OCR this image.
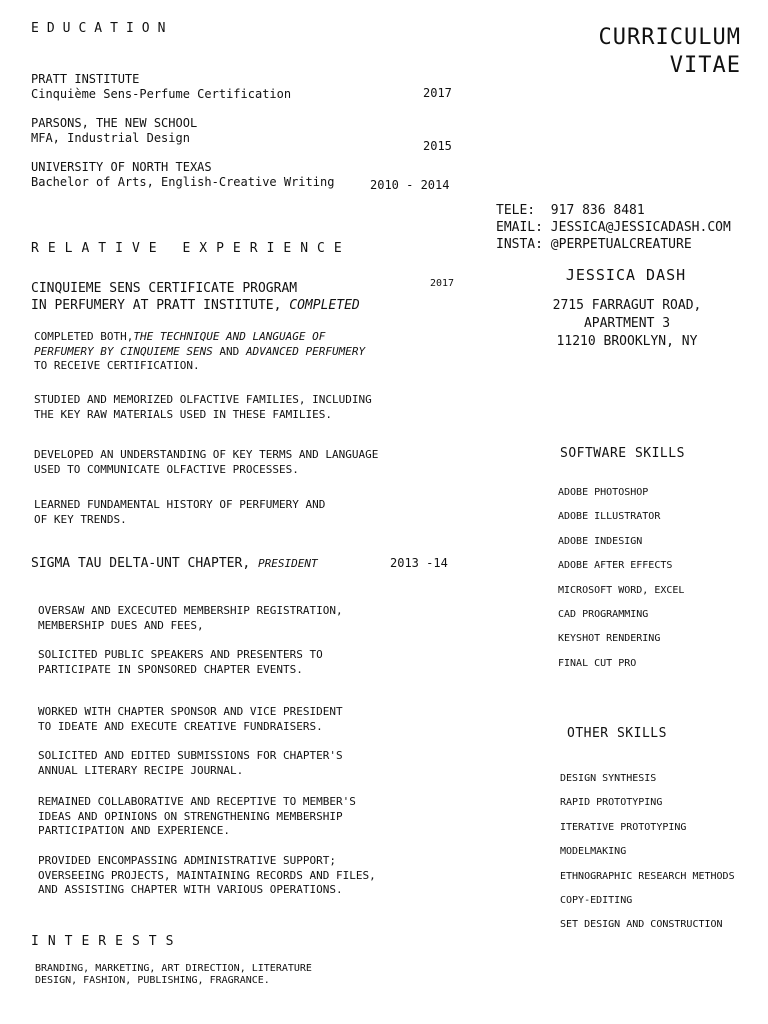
CURRICULUM
VITAE
EDUCATION
PRATT INSTITUTE
Cinquième Sens-Perfume Certification	2017
PARSONS, THE NEW SCHOOL
MFA, Industrial Design
2015
UNIVERSITY OF NORTH TEXAS
Bachelor of Arts, English-Creative Writing	2010 - 2014
TELE:  917 836 8481
EMAIL: JESSICA@JESSICADASH.COM
INSTA: @PERPETUALCREATURE
JESSICA DASH
2715 FARRAGUT ROAD,
APARTMENT 3
11210 BROOKLYN, NY
RELATIVE EXPERIENCE
CINQUIEME SENS CERTIFICATE PROGRAM
IN PERFUMERY AT PRATT INSTITUTE, COMPLETED
2017
COMPLETED BOTH,THE TECHNIQUE AND LANGUAGE OF
PERFUMERY BY CINQUIEME SENS AND ADVANCED PERFUMERY
TO RECEIVE CERTIFICATION.
STUDIED AND MEMORIZED OLFACTIVE FAMILIES, INCLUDING
THE KEY RAW MATERIALS USED IN THESE FAMILIES.
DEVELOPED AN UNDERSTANDING OF KEY TERMS AND LANGUAGE
USED TO COMMUNICATE OLFACTIVE PROCESSES.
LEARNED FUNDAMENTAL HISTORY OF PERFUMERY AND
OF KEY TRENDS.
SIGMA TAU DELTA-UNT CHAPTER, PRESIDENT	2013 -14
OVERSAW AND EXCECUTED MEMBERSHIP REGISTRATION,
MEMBERSHIP DUES AND FEES,
SOLICITED PUBLIC SPEAKERS AND PRESENTERS TO
PARTICIPATE IN SPONSORED CHAPTER EVENTS.
WORKED WITH CHAPTER SPONSOR AND VICE PRESIDENT
TO IDEATE AND EXECUTE CREATIVE FUNDRAISERS.
SOLICITED AND EDITED SUBMISSIONS FOR CHAPTER'S
ANNUAL LITERARY RECIPE JOURNAL.
REMAINED COLLABORATIVE AND RECEPTIVE TO MEMBER'S
IDEAS AND OPINIONS ON STRENGTHENING MEMBERSHIP
PARTICIPATION AND EXPERIENCE.
PROVIDED ENCOMPASSING ADMINISTRATIVE SUPPORT;
OVERSEEING PROJECTS, MAINTAINING RECORDS AND FILES,
AND ASSISTING CHAPTER WITH VARIOUS OPERATIONS.
INTERESTS
BRANDING, MARKETING, ART DIRECTION, LITERATURE
DESIGN, FASHION, PUBLISHING, FRAGRANCE.
SOFTWARE SKILLS
ADOBE PHOTOSHOP
ADOBE ILLUSTRATOR
ADOBE INDESIGN
ADOBE AFTER EFFECTS
MICROSOFT WORD, EXCEL
CAD PROGRAMMING
KEYSHOT RENDERING
FINAL CUT PRO
OTHER SKILLS
DESIGN SYNTHESIS
RAPID PROTOTYPING
ITERATIVE PROTOTYPING
MODELMAKING
ETHNOGRAPHIC RESEARCH METHODS
COPY-EDITING
SET DESIGN AND CONSTRUCTION
